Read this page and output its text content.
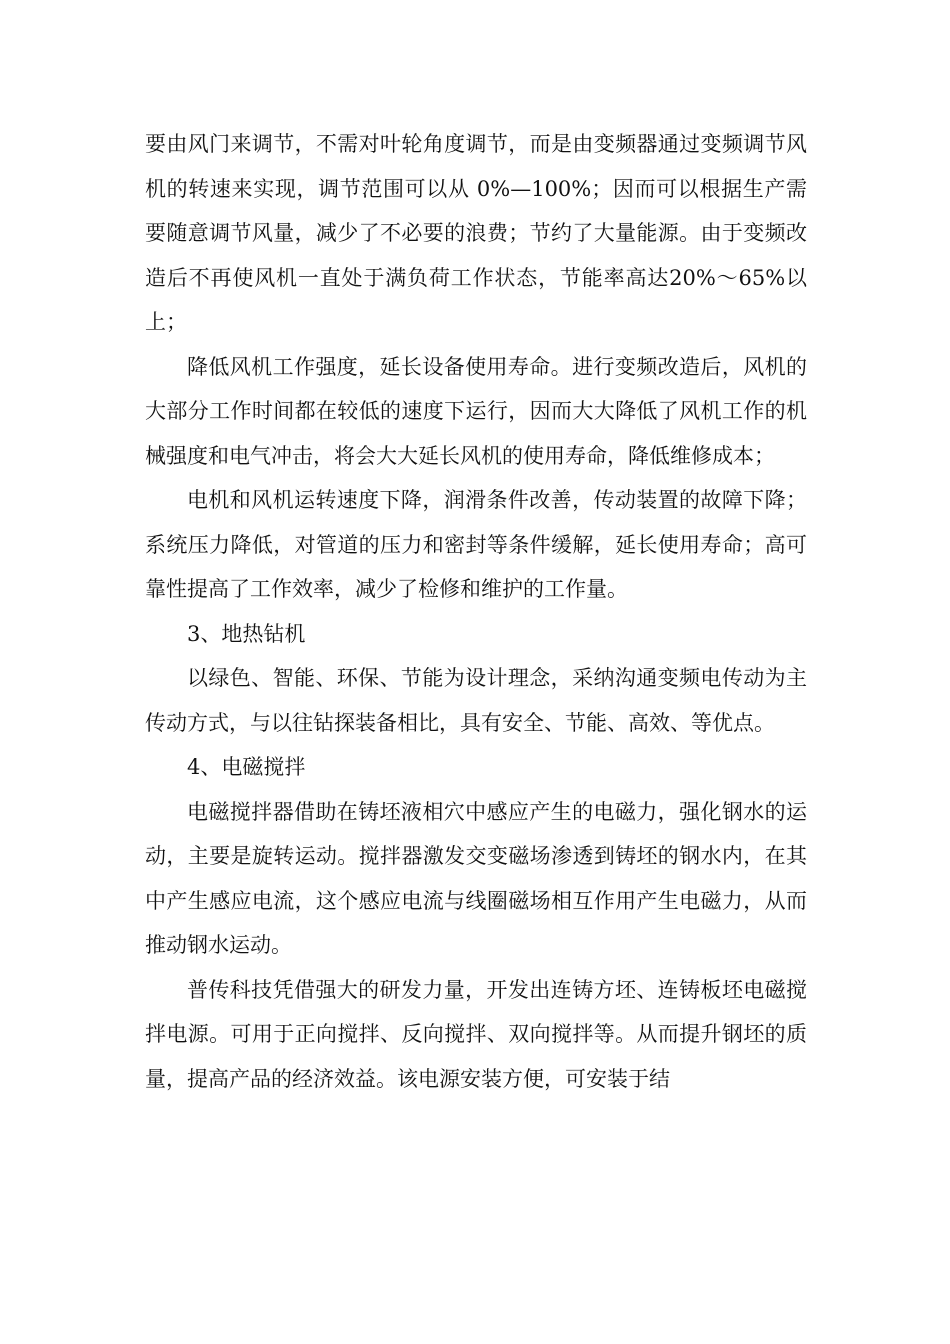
要由风门来调节，不需对叶轮角度调节，而是由变频器通过变频调节风机的转速来实现，调节范围可以从 0%—100%；因而可以根据生产需要随意调节风量，减少了不必要的浪费；节约了大量能源。由于变频改造后不再使风机一直处于满负荷工作状态，节能率高达20%～65%以上；

降低风机工作强度，延长设备使用寿命。进行变频改造后，风机的大部分工作时间都在较低的速度下运行，因而大大降低了风机工作的机械强度和电气冲击，将会大大延长风机的使用寿命，降低维修成本；

电机和风机运转速度下降，润滑条件改善，传动装置的故障下降；系统压力降低，对管道的压力和密封等条件缓解，延长使用寿命；高可靠性提高了工作效率，减少了检修和维护的工作量。

3、地热钻机

以绿色、智能、环保、节能为设计理念，采纳沟通变频电传动为主传动方式，与以往钻探装备相比，具有安全、节能、高效、等优点。

4、电磁搅拌

电磁搅拌器借助在铸坯液相穴中感应产生的电磁力，强化钢水的运动，主要是旋转运动。搅拌器激发交变磁场渗透到铸坯的钢水内，在其中产生感应电流，这个感应电流与线圈磁场相互作用产生电磁力，从而推动钢水运动。

普传科技凭借强大的研发力量，开发出连铸方坯、连铸板坯电磁搅拌电源。可用于正向搅拌、反向搅拌、双向搅拌等。从而提升钢坯的质量，提高产品的经济效益。该电源安装方便，可安装于结
